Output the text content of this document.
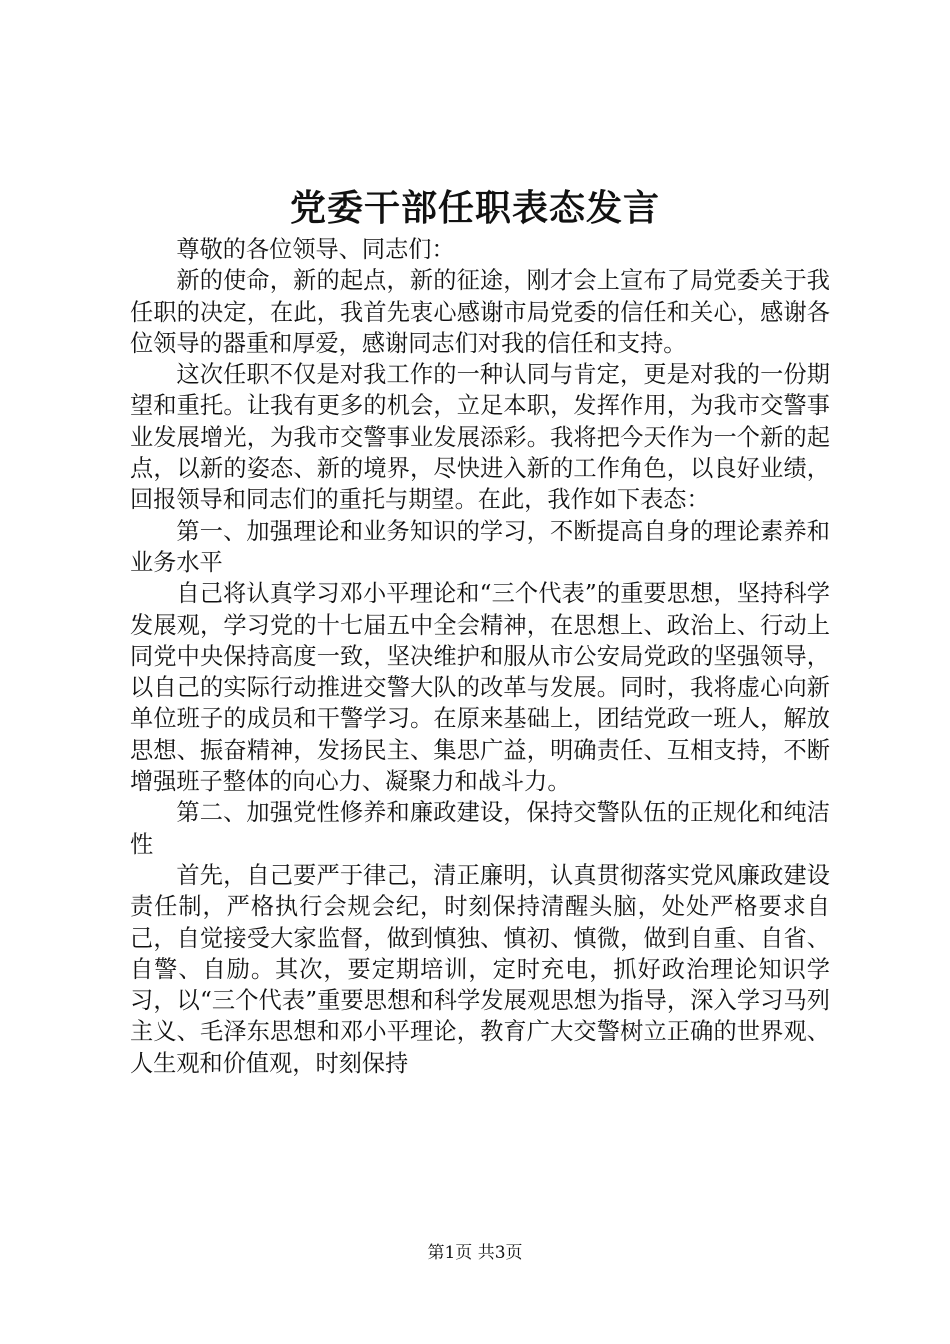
党委干部任职表态发言

尊敬的各位领导、同志们：

新的使命，新的起点，新的征途，刚才会上宣布了局党委关于我任职的决定，在此，我首先衷心感谢市局党委的信任和关心，感谢各位领导的器重和厚爱，感谢同志们对我的信任和支持。

这次任职不仅是对我工作的一种认同与肯定，更是对我的一份期望和重托。让我有更多的机会，立足本职，发挥作用，为我市交警事业发展增光，为我市交警事业发展添彩。我将把今天作为一个新的起点，以新的姿态、新的境界，尽快进入新的工作角色，以良好业绩，回报领导和同志们的重托与期望。在此，我作如下表态：

第一、加强理论和业务知识的学习，不断提高自身的理论素养和业务水平

自己将认真学习邓小平理论和“三个代表”的重要思想，坚持科学发展观，学习党的十七届五中全会精神，在思想上、政治上、行动上同党中央保持高度一致，坚决维护和服从市公安局党政的坚强领导，以自己的实际行动推进交警大队的改革与发展。同时，我将虚心向新单位班子的成员和干警学习。在原来基础上，团结党政一班人，解放思想、振奋精神，发扬民主、集思广益，明确责任、互相支持，不断增强班子整体的向心力、凝聚力和战斗力。

第二、加强党性修养和廉政建设，保持交警队伍的正规化和纯洁性

首先，自己要严于律己，清正廉明，认真贯彻落实党风廉政建设责任制，严格执行会规会纪，时刻保持清醒头脑，处处严格要求自己，自觉接受大家监督，做到慎独、慎初、慎微，做到自重、自省、自警、自励。其次，要定期培训，定时充电，抓好政治理论知识学习，以“三个代表”重要思想和科学发展观思想为指导，深入学习马列主义、毛泽东思想和邓小平理论，教育广大交警树立正确的世界观、人生观和价值观，时刻保持

第1页 共3页
